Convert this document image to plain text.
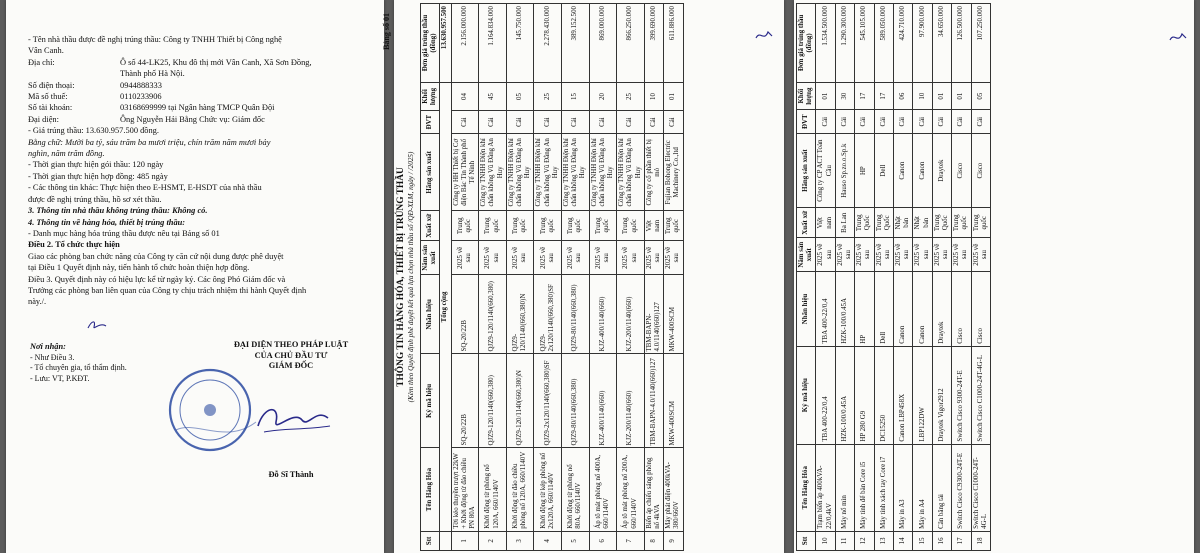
- Tên nhà thầu được đề nghị trúng thầu: Công ty TNHH Thiết bị Công nghệ
Vân Canh.
Địa chỉ:	Ô số 44-LK25, Khu đô thị mới Vân Canh, Xã Sơn Đồng,
Thành phố Hà Nội.
Số điện thoại:	0944888333
Mã số thuế:	0110233906
Số tài khoản:	03168699999 tại Ngân hàng TMCP Quân Đội
Đại diện:	Ông Nguyễn Hải Bằng Chức vụ: Giám đốc
- Giá trúng thầu: 13.630.957.500 đồng.
Bằng chữ: Mười ba tỷ, sáu trăm ba mươi triệu, chín trăm năm mươi bảy
nghìn, năm trăm đồng.
- Thời gian thực hiện gói thầu: 120 ngày
- Thời gian thực hiện hợp đồng: 485 ngày
- Các thông tin khác: Thực hiện theo E-HSMT, E-HSDT của nhà thầu
được đề nghị trúng thầu, hồ sơ xét thầu.
3. Thông tin nhà thầu không trúng thầu: Không có.
4. Thông tin về hàng hóa, thiết bị trúng thầu:
- Danh mục hàng hóa trúng thầu được nêu tại Bảng số 01
Điều 2. Tổ chức thực hiện
Giao các phòng ban chức năng của Công ty căn cứ nội dung được phê duyệt
tại Điều 1 Quyết định này, tiến hành tổ chức hoàn thiện hợp đồng.
Điều 3. Quyết định này có hiệu lực kể từ ngày ký. Các ông Phó Giám đốc và
Trưởng các phòng ban liên quan của Công ty chịu trách nhiệm thi hành Quyết định
này./.
Nơi nhận:
- Như Điều 3.
- Tổ chuyên gia, tổ thẩm định.
- Lưu: VT, P.KĐT.
ĐẠI DIỆN THEO PHÁP LUẬT
CỦA CHỦ ĐẦU TƯ
GIÁM ĐỐC
Đỗ Sĩ Thành
Bảng số 01
THÔNG TIN HÀNG HÓA, THIẾT BỊ TRÚNG THẦU (Kèm theo Quyết định phê duyệt kết quả lựa chọn nhà thầu số /QĐ-XLM, ngày / /2025)
Stt	Tên Hàng Hóa	Ký mã hiệu	Nhãn hiệu	Năm sản xuất	Xuất xứ	Hãng sản xuất	ĐVT	Khối lượng	Đơn giá trúng thầu (đồng)
	Tổng cộng								13.630.957.500
1	Tời kéo thuyền trượt 22kW + Khởi động từ đảo chiều PN 80A	SQ-20/22B	SQ-20/22B	2025 về sau	Trung quốc	Công ty HH Thiết bị Cơ điện Bác Tín Thành phố Tế Ninh	Cái	04	2.156.000.000
2	Khởi động từ phòng nổ 120A, 660/1140V	QJZ9-120/1140(660,380)	QJZ9-120/1140(660,380)	2025 về sau	Trung quốc	Công ty TNHH Điện khí chấn không Vũ Đằng An Huy	Cái	45	1.164.834.000
3	Khởi động từ đảo chiều phòng nổ 120A, 660/1140V	QJZ9-120/1140(660,380)N	QJZ9-120/1140(660,380)N	2025 về sau	Trung quốc	Công ty TNHH Điện khí chấn không Vũ Đằng An Huy	Cái	05	145.750.000
4	Khởi động từ kép phòng nổ 2x120A, 660/1140V	QJZ9-2x120/1140(660,380)SF	QJZ9-2x120/1140(660,380)SF	2025 về sau	Trung quốc	Công ty TNHH Điện khí chấn không Vũ Đằng An Huy	Cái	25	2.278.430.000
5	Khởi động từ phòng nổ 80A, 660/1140V	QJZ9-80/1140(660,380)	QJZ9-80/1140(660,380)	2025 về sau	Trung quốc	Công ty TNHH Điện khí chấn không Vũ Đằng An Huy	Cái	15	389.152.500
6	Áp tô mát phòng nổ 400A, 660/1140V	KJZ-400/1140(660)	KJZ-400/1140(660)	2025 về sau	Trung quốc	Công ty TNHH Điện khí chấn không Vũ Đằng An Huy	Cái	20	869.000.000
7	Áp tô mát phòng nổ 200A, 660/1140V	KJZ-200/1140(660)	KJZ-200/1140(660)	2025 về sau	Trung quốc	Công ty TNHH Điện khí chấn không Vũ Đằng An Huy	Cái	25	866.250.000
8	Biến áp chiếu sáng phòng nổ 4kVA	TBM-BAPN-4.0/1140(660)127	TBM-BAPN-4.0/1140(660)127	2025 về sau	Việt nam	Công ty cổ phần thiết bị mỏ	Cái	10	399.690.000
9	Máy phát điện 400kVA-380/660V	MKW-400SCM	MKW-400SCM	2025 về sau	Trung quốc	Fujian Bohong Electric Machinery Co.,ltd	Cái	01	611.886.000
Stt	Tên Hàng Hóa	Ký mã hiệu	Nhãn hiệu	Năm sản xuất	Xuất xứ	Hãng sản xuất	ĐVT	Khối lượng	Đơn giá trúng thầu (đồng)
10	Trạm biến áp 400kVA-22/0,4kV	TBA 400-22/0,4	TBA 400-22/0,4	2025 về sau	Việt nam	Công ty CP ACT Toàn Cầu	Cái	01	1.534.500.000
11	Máy nổ mìn	HZK-100/0.45A	HZK-100/0.45A	2025 về sau	Ba Lan	Hauso Sp.zo.o.Sp.k	Cái	30	1.290.300.000
12	Máy tính để bàn Core i5	HP 280 G9	HP	2025 về sau	Trung Quốc	HP	Cái	17	545.105.000
13	Máy tính xách tay Core i7	DC15250	Dell	2025 về sau	Trung Quốc	Dell	Cái	17	589.050.000
14	Máy in A3	Canon LBP458X	Canon	2025 về sau	Nhật bản	Canon	Cái	06	424.710.000
15	Máy in A4	LBP122DW	Canon	2025 về sau	Nhật bản	Canon	Cái	10	97.900.000
16	Cân băng tải	Draytek Vigor2912	Draytek	2025 về sau	Trung Quốc	Draytek	Cái	01	34.650.000
17	Switch Cisco C9300-24T-E	Switch Cisco 9300-24T-E	Cisco	2025 về sau	Trung quốc	Cisco	Cái	01	126.500.000
18	Switch Cisco C1000-24T-4G-L	Switch Cisco C1000-24T-4G-L	Cisco	2025 về sau	Trung quốc	Cisco	Cái	05	107.250.000
